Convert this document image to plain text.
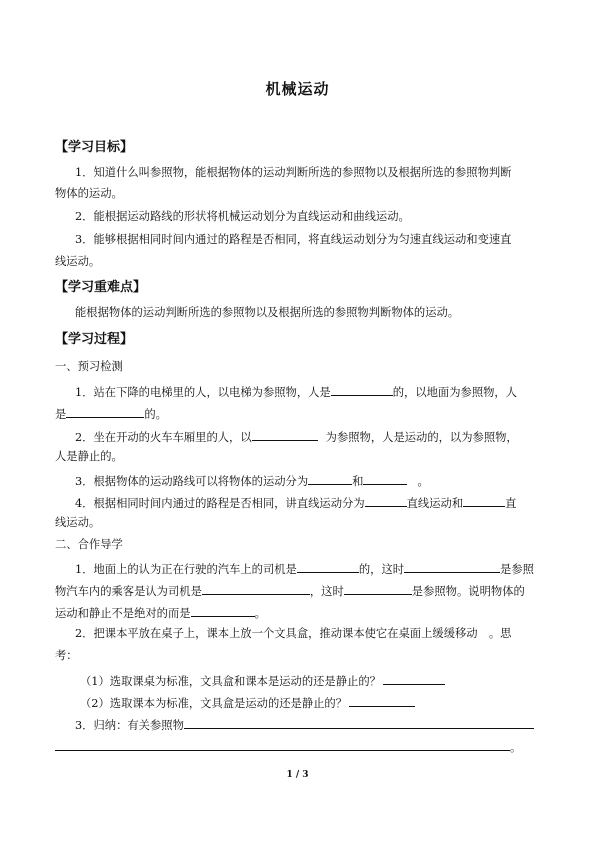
机械运动
【学习目标】
1．知道什么叫参照物，能根据物体的运动判断所选的参照物以及根据所选的参照物判断
物体的运动。
2．能根据运动路线的形状将机械运动划分为直线运动和曲线运动。
3．能够根据相同时间内通过的路程是否相同，将直线运动划分为匀速直线运动和变速直
线运动。
【学习重难点】
能根据物体的运动判断所选的参照物以及根据所选的参照物判断物体的运动。
【学习过程】
一、预习检测
1．站在下降的电梯里的人，以电梯为参照物，人是	的，以地面为参照物，人
是	的。
2．坐在开动的火车车厢里的人，以	为参照物，人是运动的，以为参照物，
人是静止的。
3．根据物体的运动路线可以将物体的运动分为	和	。
4．根据相同时间内通过的路程是否相同，讲直线运动分为	直线运动和	直
线运动。
二、合作导学
1．地面上的认为正在行驶的汽车上的司机是	的，这时	是参照
物汽车内的乘客是认为司机是	，这时	是参照物。说明物体的
运动和静止不是绝对的而是	。
2．把课本平放在桌子上，课本上放一个文具盒，推动课本使它在桌面上缓缓移动　。思
考：
（1）选取课桌为标准，文具盒和课本是运动的还是静止的？
（2）选取课本为标准，文具盒是运动的还是静止的？
3．归纳：有关参照物
。
1 / 3
